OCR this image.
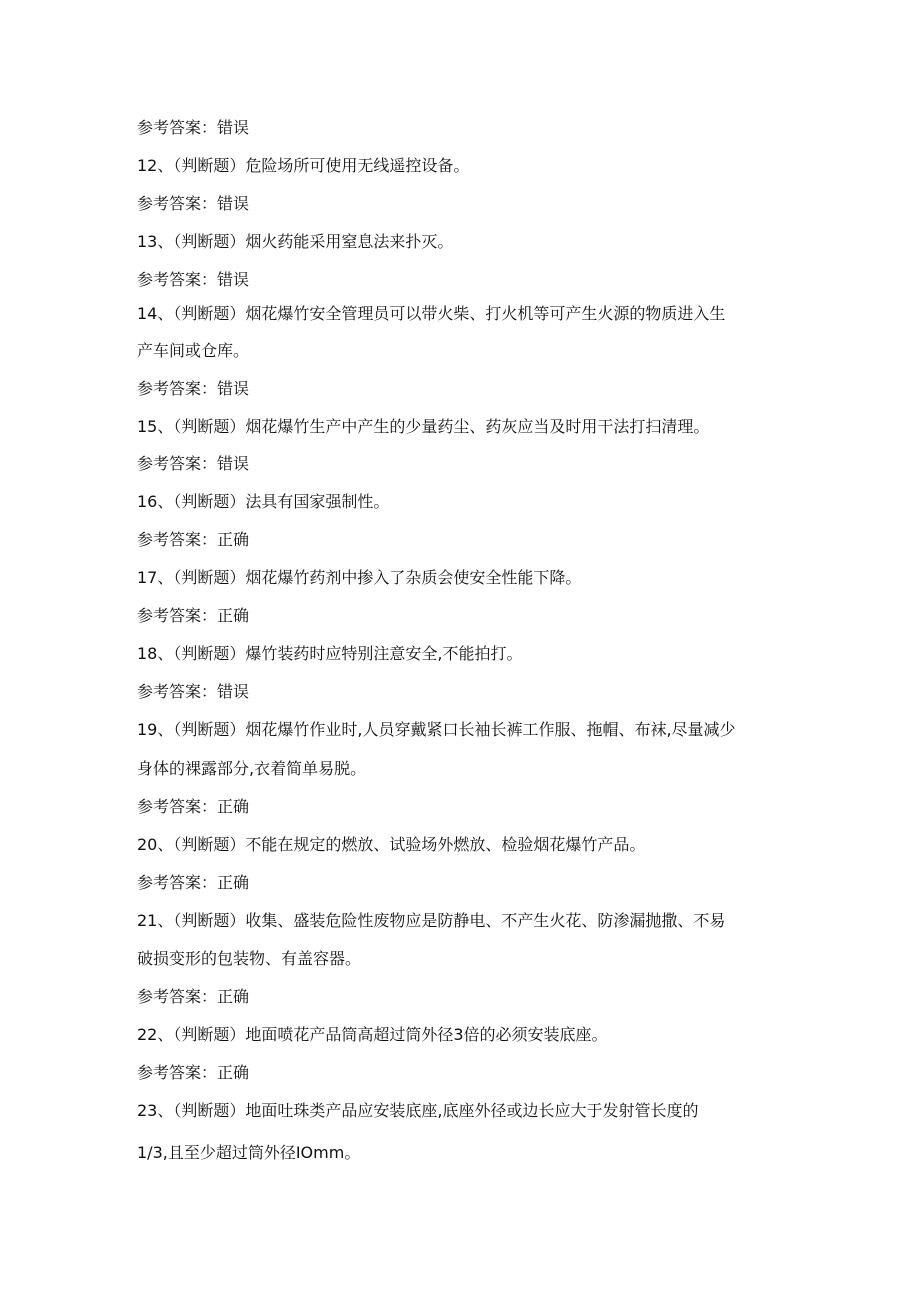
参考答案：错误
12、（判断题）危险场所可使用无线遥控设备。
参考答案：错误
13、（判断题）烟火药能采用窒息法来扑灭。
参考答案：错误
14、（判断题）烟花爆竹安全管理员可以带火柴、打火机等可产生火源的物质进入生
产车间或仓库。
参考答案：错误
15、（判断题）烟花爆竹生产中产生的少量药尘、药灰应当及时用干法打扫清理。
参考答案：错误
16、（判断题）法具有国家强制性。
参考答案：正确
17、（判断题）烟花爆竹药剂中掺入了杂质会使安全性能下降。
参考答案：正确
18、（判断题）爆竹装药时应特别注意安全,不能拍打。
参考答案：错误
19、（判断题）烟花爆竹作业时,人员穿戴紧口长袖长裤工作服、拖帽、布袜,尽量减少
身体的裸露部分,衣着简单易脱。
参考答案：正确
20、（判断题）不能在规定的燃放、试验场外燃放、检验烟花爆竹产品。
参考答案：正确
21、（判断题）收集、盛装危险性废物应是防静电、不产生火花、防渗漏抛撒、不易
破损变形的包装物、有盖容器。
参考答案：正确
22、（判断题）地面喷花产品筒高超过筒外径3倍的必须安装底座。
参考答案：正确
23、（判断题）地面吐珠类产品应安装底座,底座外径或边长应大于发射管长度的
1/3,且至少超过筒外径IOmm。
